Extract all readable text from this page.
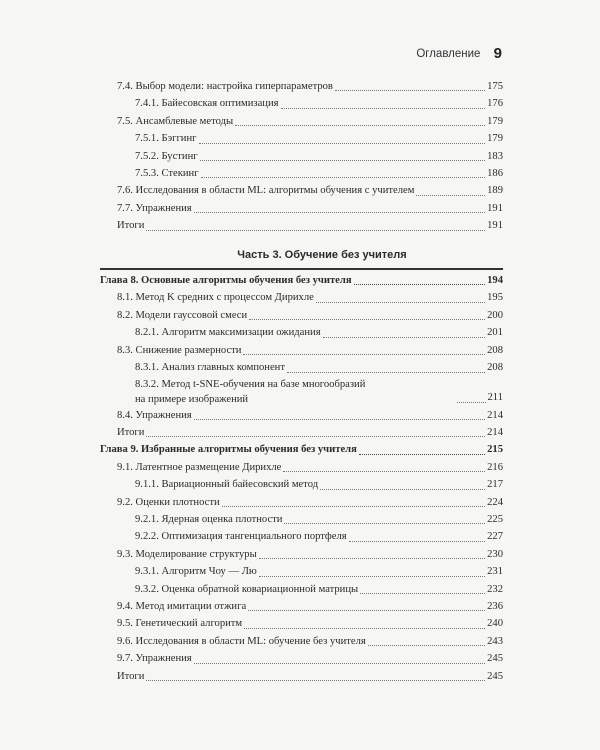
Оглавление 9
7.4. Выбор модели: настройка гиперпараметров	175
7.4.1. Байесовская оптимизация	176
7.5. Ансамблевые методы	179
7.5.1. Бэггинг	179
7.5.2. Бустинг	183
7.5.3. Стекинг	186
7.6. Исследования в области ML: алгоритмы обучения с учителем	189
7.7. Упражнения	191
Итоги	191
Часть 3. Обучение без учителя
Глава 8. Основные алгоритмы обучения без учителя	194
8.1. Метод K средних с процессом Дирихле	195
8.2. Модели гауссовой смеси	200
8.2.1. Алгоритм максимизации ожидания	201
8.3. Снижение размерности	208
8.3.1. Анализ главных компонент	208
8.3.2. Метод t-SNE-обучения на базе многообразий
на примере изображений	211
8.4. Упражнения	214
Итоги	214
Глава 9. Избранные алгоритмы обучения без учителя	215
9.1. Латентное размещение Дирихле	216
9.1.1. Вариационный байесовский метод	217
9.2. Оценки плотности	224
9.2.1. Ядерная оценка плотности	225
9.2.2. Оптимизация тангенциального портфеля	227
9.3. Моделирование структуры	230
9.3.1. Алгоритм Чоу — Лю	231
9.3.2. Оценка обратной ковариационной матрицы	232
9.4. Метод имитации отжига	236
9.5. Генетический алгоритм	240
9.6. Исследования в области ML: обучение без учителя	243
9.7. Упражнения	245
Итоги	245
